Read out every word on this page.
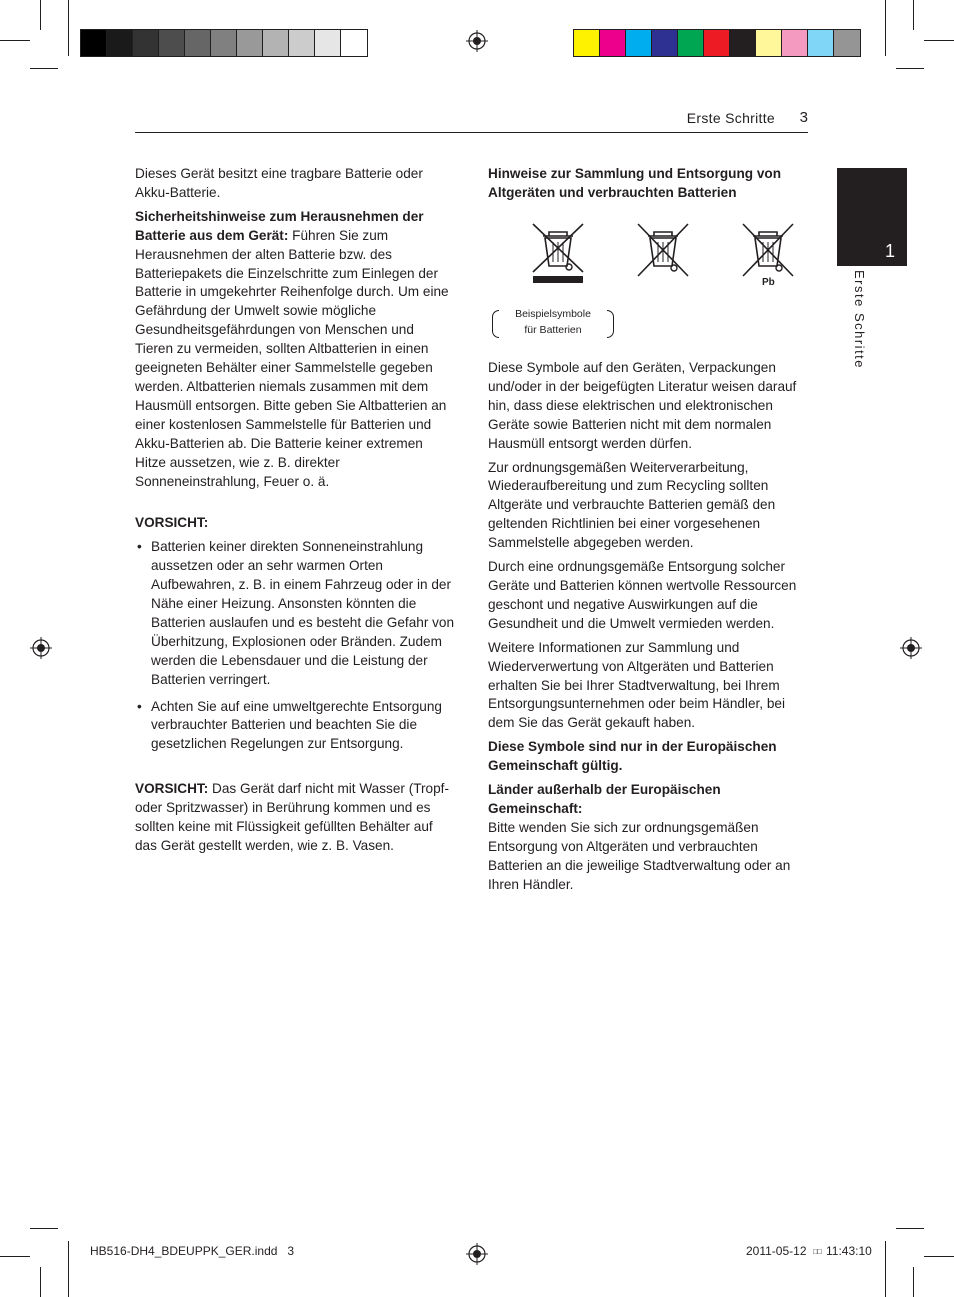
Erste Schritte 3
1
Erste Schritte

Dieses Gerät besitzt eine tragbare Batterie oder Akku-Batterie.

Sicherheitshinweise zum Herausnehmen der Batterie aus dem Gerät: Führen Sie zum Herausnehmen der alten Batterie bzw. des Batteriepakets die Einzelschritte zum Einlegen der Batterie in umgekehrter Reihenfolge durch. Um eine Gefährdung der Umwelt sowie mögliche Gesundheitsgefährdungen von Menschen und Tieren zu vermeiden, sollten Altbatterien in einen geeigneten Behälter einer Sammelstelle gegeben werden. Altbatterien niemals zusammen mit dem Hausmüll entsorgen. Bitte geben Sie Altbatterien an einer kostenlosen Sammelstelle für Batterien und Akku-Batterien ab. Die Batterie keiner extremen Hitze aussetzen, wie z. B. direkter Sonneneinstrahlung, Feuer o. ä.

VORSICHT:

• Batterien keiner direkten Sonneneinstrahlung aussetzen oder an sehr warmen Orten Aufbewahren, z. B. in einem Fahrzeug oder in der Nähe einer Heizung. Ansonsten könnten die Batterien auslaufen und es besteht die Gefahr von Überhitzung, Explosionen oder Bränden. Zudem werden die Lebensdauer und die Leistung der Batterien verringert.
• Achten Sie auf eine umweltgerechte Entsorgung verbrauchter Batterien und beachten Sie die gesetzlichen Regelungen zur Entsorgung.

VORSICHT: Das Gerät darf nicht mit Wasser (Tropf- oder Spritzwasser) in Berührung kommen und es sollten keine mit Flüssigkeit gefüllten Behälter auf das Gerät gestellt werden, wie z. B. Vasen.

Hinweise zur Sammlung und Entsorgung von Altgeräten und verbrauchten Batterien

Pb
Beispielsymbole
für Batterien

Diese Symbole auf den Geräten, Verpackungen und/oder in der beigefügten Literatur weisen darauf hin, dass diese elektrischen und elektronischen Geräte sowie Batterien nicht mit dem normalen Hausmüll entsorgt werden dürfen.

Zur ordnungsgemäßen Weiterverarbeitung, Wiederaufbereitung und zum Recycling sollten Altgeräte und verbrauchte Batterien gemäß den geltenden Richtlinien bei einer vorgesehenen Sammelstelle abgegeben werden.

Durch eine ordnungsgemäße Entsorgung solcher Geräte und Batterien können wertvolle Ressourcen geschont und negative Auswirkungen auf die Gesundheit und die Umwelt vermieden werden.

Weitere Informationen zur Sammlung und Wiederverwertung von Altgeräten und Batterien erhalten Sie bei Ihrer Stadtverwaltung, bei Ihrem Entsorgungsunternehmen oder beim Händler, bei dem Sie das Gerät gekauft haben.

Diese Symbole sind nur in der Europäischen Gemeinschaft gültig.

Länder außerhalb der Europäischen Gemeinschaft:

Bitte wenden Sie sich zur ordnungsgemäßen Entsorgung von Altgeräten und verbrauchten Batterien an die jeweilige Stadtverwaltung oder an Ihren Händler.

HB516-DH4_BDEUPPK_GER.indd   3	2011-05-12 □□ 11:43:10
